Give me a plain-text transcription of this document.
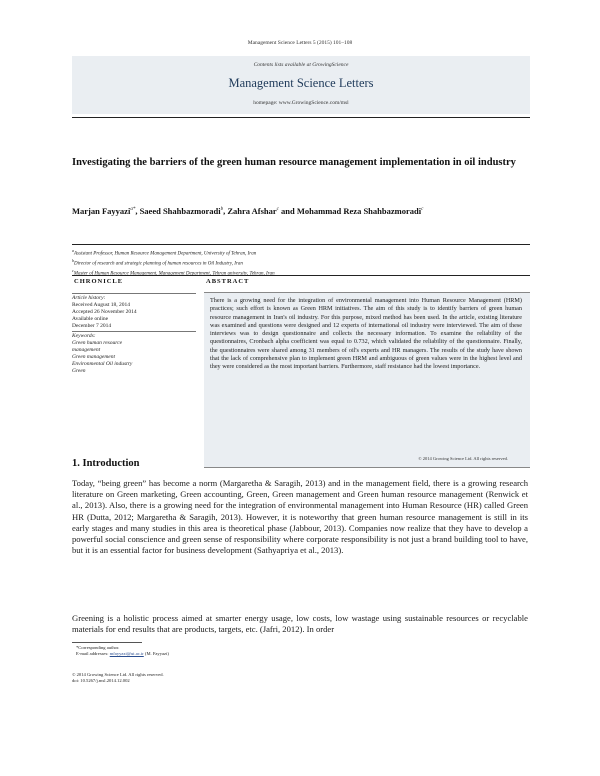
Management Science Letters 5 (2015) 101–108
Contents lists available at GrowingScience
Management Science Letters
homepage: www.GrowingScience.com/msl
Investigating the barriers of the green human resource management implementation in oil industry
Marjan Fayyazi$^{a*}$, Saeed Shahbazmoradi$^b$, Zahra Afshar$^c$ and Mohammad Reza Shahbazmoradi$^c$
$^a$Assistant Professor, Human Resource Management Department, University of Tehran, Iran
$^b$Director of research and strategic planning of human resources in Oil Industry, Iran
$^c$
CHRONICLE	ABSTRACT
Article history:
Received August 18, 2014
Accepted 26 November 2014
Available online
December 7 2014
Keywords:
Green human resource
management
Green management
Environmental Oil industry
Green
There is a growing need for the integration of environmental management into Human Resource Management (HRM) practices; such effort is known as Green HRM initiatives. The aim of this study is to identify barriers of green human resource management in Iran's oil industry. For this purpose, mixed method has been used. In the article, existing literature was examined and questions were designed and 12 experts of international oil industry were interviewed. The aim of these interviews was to design questionnaire and collects the necessary information. To examine the reliability of the questionnaires, Cronbach alpha coefficient was equal to 0.732, which validated the reliability of the questionnaire. Finally, the questionnaires were shared among 31 members of oil's experts and HR managers. The results of the study have shown that the lack of comprehensive plan to implement green HRM and ambiguous of green values were in the highest level and they were considered as the most important barriers. Furthermore, staff resistance had the lowest importance.
© 2014 Growing Science Ltd. All rights reserved.
1. Introduction
Today, “being green” has become a norm (Margaretha & Saragih, 2013) and in the management field, there is a growing research literature on Green marketing, Green accounting, Green, Green management and Green human resource management (Renwick et al., 2013). Also, there is a growing need for the integration of environmental management into Human Resource (HR) called Green HR (Dutta, 2012; Margaretha & Saragih, 2013). However, it is noteworthy that green human resource management is still in its early stages and many studies in this area is theoretical phase (Jabbour, 2013). Companies now realize that they have to develop a powerful social conscience and green sense of responsibility where corporate responsibility is not just a brand building tool to have, but it is an essential factor for business development (Sathyapriya et al., 2013).
Greening is a holistic process aimed at smarter energy usage, low costs, low wastage using sustainable resources or recyclable materials for end results that are products, targets, etc. (Jafri, 2012). In order
*Corresponding author.
E-mail addresses: mfayyazi@ut.ac.ir (M. Fayyazi)
© 2014 Growing Science Ltd. All rights reserved.
doi: 10.5267/j.msl.2014.12.002
